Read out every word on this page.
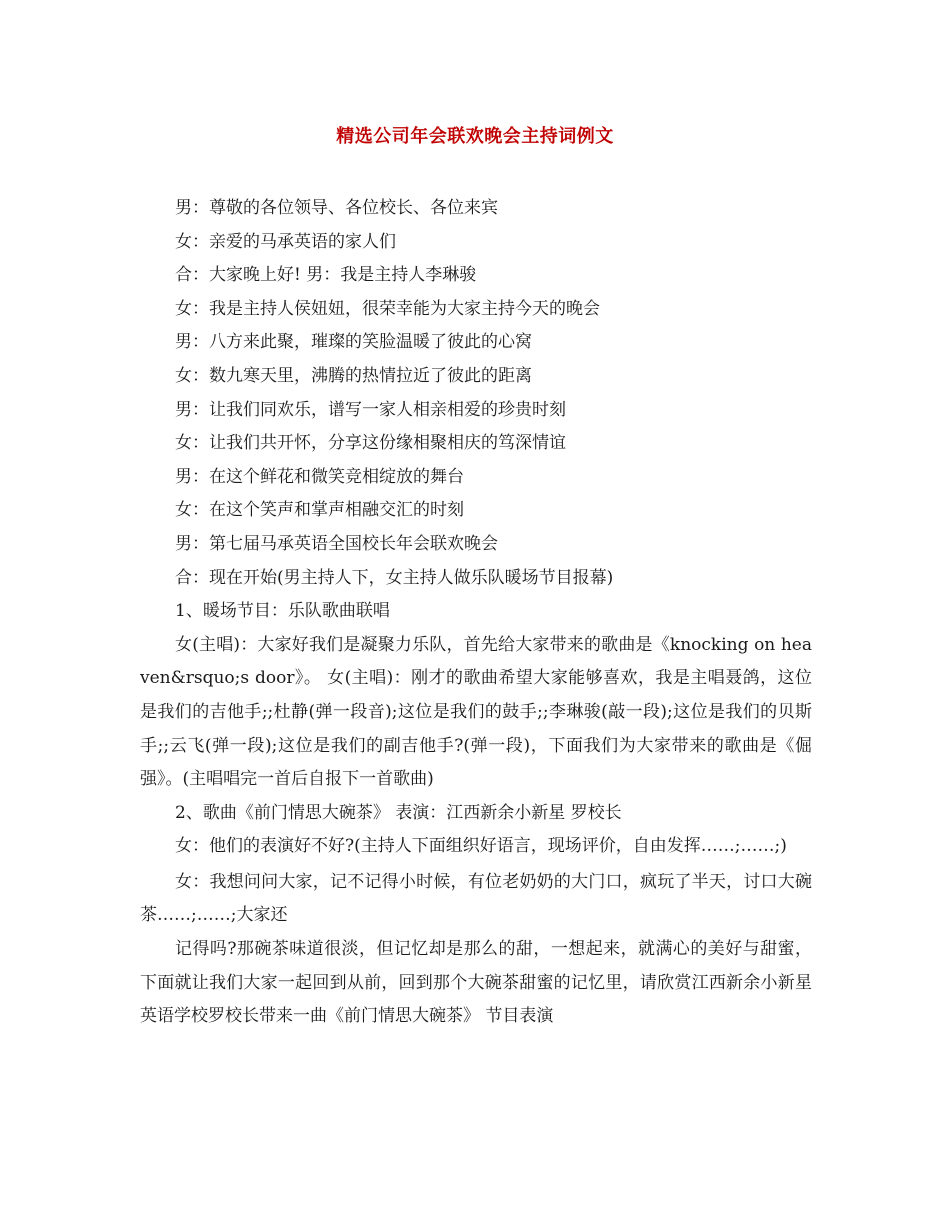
精选公司年会联欢晚会主持词例文

男：尊敬的各位领导、各位校长、各位来宾

女：亲爱的马承英语的家人们

合：大家晚上好! 男：我是主持人李琳骏

女：我是主持人侯妞妞，很荣幸能为大家主持今天的晚会

男：八方来此聚，璀璨的笑脸温暖了彼此的心窝

女：数九寒天里，沸腾的热情拉近了彼此的距离

男：让我们同欢乐，谱写一家人相亲相爱的珍贵时刻

女：让我们共开怀，分享这份缘相聚相庆的笃深情谊

男：在这个鲜花和微笑竞相绽放的舞台

女：在这个笑声和掌声相融交汇的时刻

男：第七届马承英语全国校长年会联欢晚会

合：现在开始(男主持人下，女主持人做乐队暖场节目报幕)

1、暖场节目：乐队歌曲联唱

女(主唱)：大家好我们是凝聚力乐队，首先给大家带来的歌曲是《knocking on heaven&rsquo;s door》。 女(主唱)：刚才的歌曲希望大家能够喜欢，我是主唱聂鸽，这位是我们的吉他手;;杜静(弹一段音);这位是我们的鼓手;;李琳骏(敲一段);这位是我们的贝斯手;;云飞(弹一段);这位是我们的副吉他手?(弹一段)，下面我们为大家带来的歌曲是《倔强》。(主唱唱完一首后自报下一首歌曲)

2、歌曲《前门情思大碗茶》 表演：江西新余小新星 罗校长

女：他们的表演好不好?(主持人下面组织好语言，现场评价，自由发挥……;……;)

女：我想问问大家，记不记得小时候，有位老奶奶的大门口，疯玩了半天，讨口大碗茶……;……;大家还

记得吗?那碗茶味道很淡，但记忆却是那么的甜，一想起来，就满心的美好与甜蜜，下面就让我们大家一起回到从前，回到那个大碗茶甜蜜的记忆里，请欣赏江西新余小新星英语学校罗校长带来一曲《前门情思大碗茶》 节目表演
